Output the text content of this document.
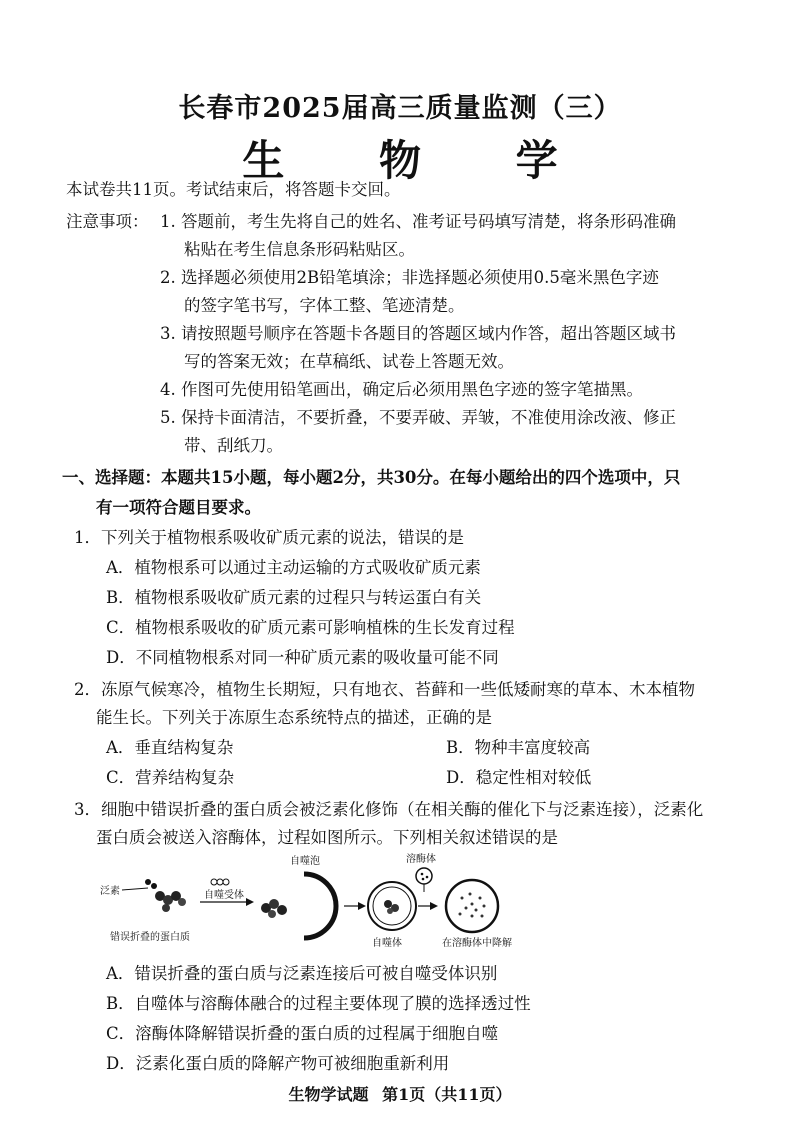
长春市2025届高三质量监测（三）
生 物 学
本试卷共11页。考试结束后，将答题卡交回。
注意事项： 1. 答题前，考生先将自己的姓名、准考证号码填写清楚，将条形码准确
粘贴在考生信息条形码粘贴区。
2. 选择题必须使用2B铅笔填涂；非选择题必须使用0.5毫米黑色字迹
的签字笔书写，字体工整、笔迹清楚。
3. 请按照题号顺序在答题卡各题目的答题区域内作答，超出答题区域书
写的答案无效；在草稿纸、试卷上答题无效。
4. 作图可先使用铅笔画出，确定后必须用黑色字迹的签字笔描黑。
5. 保持卡面清洁，不要折叠，不要弄破、弄皱，不准使用涂改液、修正
带、刮纸刀。
一、选择题：本题共15小题，每小题2分，共30分。在每小题给出的四个选项中，只
有一项符合题目要求。
1．下列关于植物根系吸收矿质元素的说法，错误的是
A．植物根系可以通过主动运输的方式吸收矿质元素
B．植物根系吸收矿质元素的过程只与转运蛋白有关
C．植物根系吸收的矿质元素可影响植株的生长发育过程
D．不同植物根系对同一种矿质元素的吸收量可能不同
2．冻原气候寒冷，植物生长期短，只有地衣、苔藓和一些低矮耐寒的草本、木本植物
能生长。下列关于冻原生态系统特点的描述，正确的是
A．垂直结构复杂	B．物种丰富度较高
C．营养结构复杂	D．稳定性相对较低
3．细胞中错误折叠的蛋白质会被泛素化修饰（在相关酶的催化下与泛素连接），泛素化
蛋白质会被送入溶酶体，过程如图所示。下列相关叙述错误的是
泛素
错误折叠的蛋白质
自噬受体
自噬泡
自噬体
溶酶体
在溶酶体中降解
A．错误折叠的蛋白质与泛素连接后可被自噬受体识别
B．自噬体与溶酶体融合的过程主要体现了膜的选择透过性
C．溶酶体降解错误折叠的蛋白质的过程属于细胞自噬
D．泛素化蛋白质的降解产物可被细胞重新利用
生物学试题 第1页（共11页）
